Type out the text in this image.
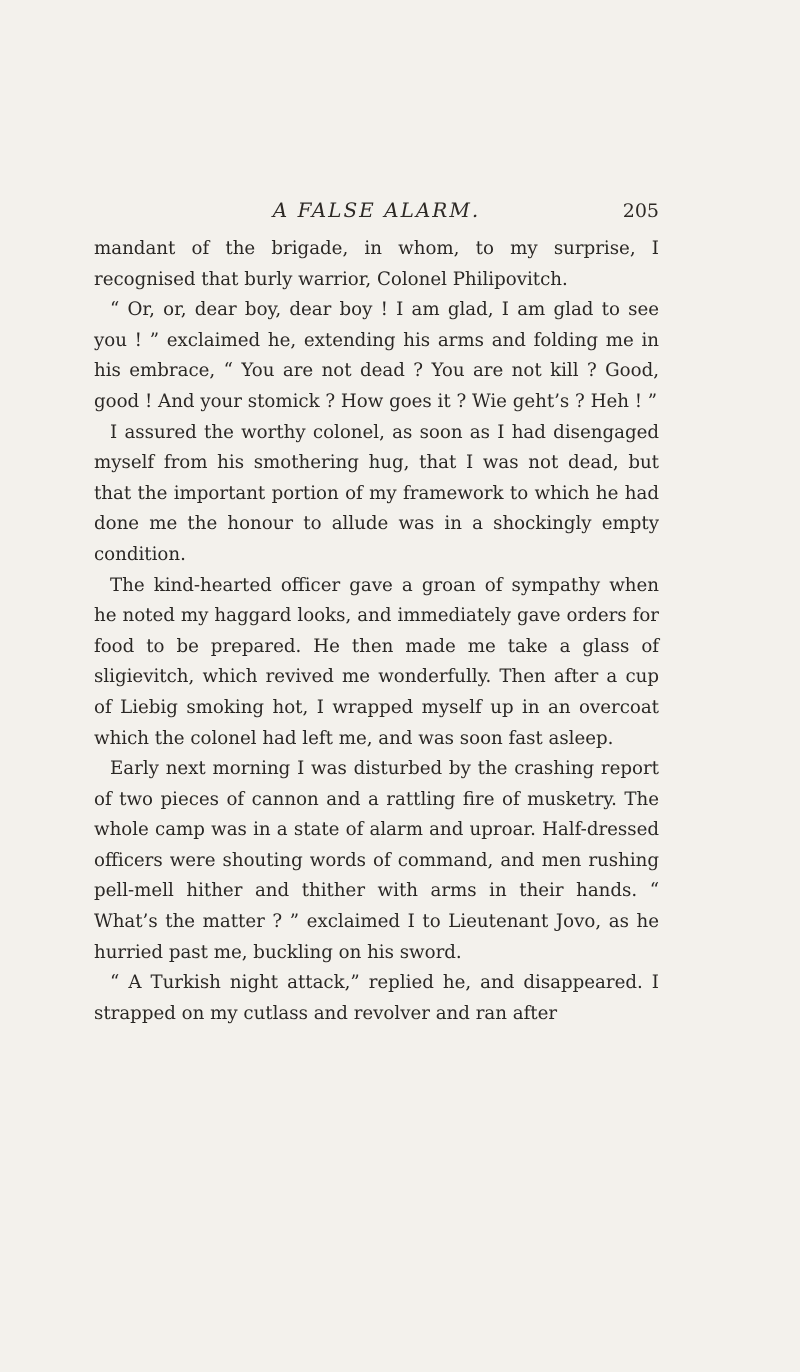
A FALSE ALARM.	205

mandant of the brigade, in whom, to my surprise, I recognised that burly warrior, Colonel Philipovitch.

“ Or, or, dear boy, dear boy ! I am glad, I am glad to see you ! ” exclaimed he, extending his arms and folding me in his embrace, “ You are not dead ? You are not kill ? Good, good ! And your stomick ? How goes it ? Wie geht’s ? Heh ! ”

I assured the worthy colonel, as soon as I had disengaged myself from his smothering hug, that I was not dead, but that the important portion of my framework to which he had done me the honour to allude was in a shockingly empty condition.

The kind-hearted officer gave a groan of sympathy when he noted my haggard looks, and immediately gave orders for food to be prepared. He then made me take a glass of sligievitch, which revived me wonderfully. Then after a cup of Liebig smoking hot, I wrapped myself up in an overcoat which the colonel had left me, and was soon fast asleep.

Early next morning I was disturbed by the crashing report of two pieces of cannon and a rattling fire of musketry. The whole camp was in a state of alarm and uproar. Half-dressed officers were shouting words of command, and men rushing pell-mell hither and thither with arms in their hands. “ What’s the matter ? ” exclaimed I to Lieutenant Jovo, as he hurried past me, buckling on his sword.

“ A Turkish night attack,” replied he, and disappeared. I strapped on my cutlass and revolver and ran after
